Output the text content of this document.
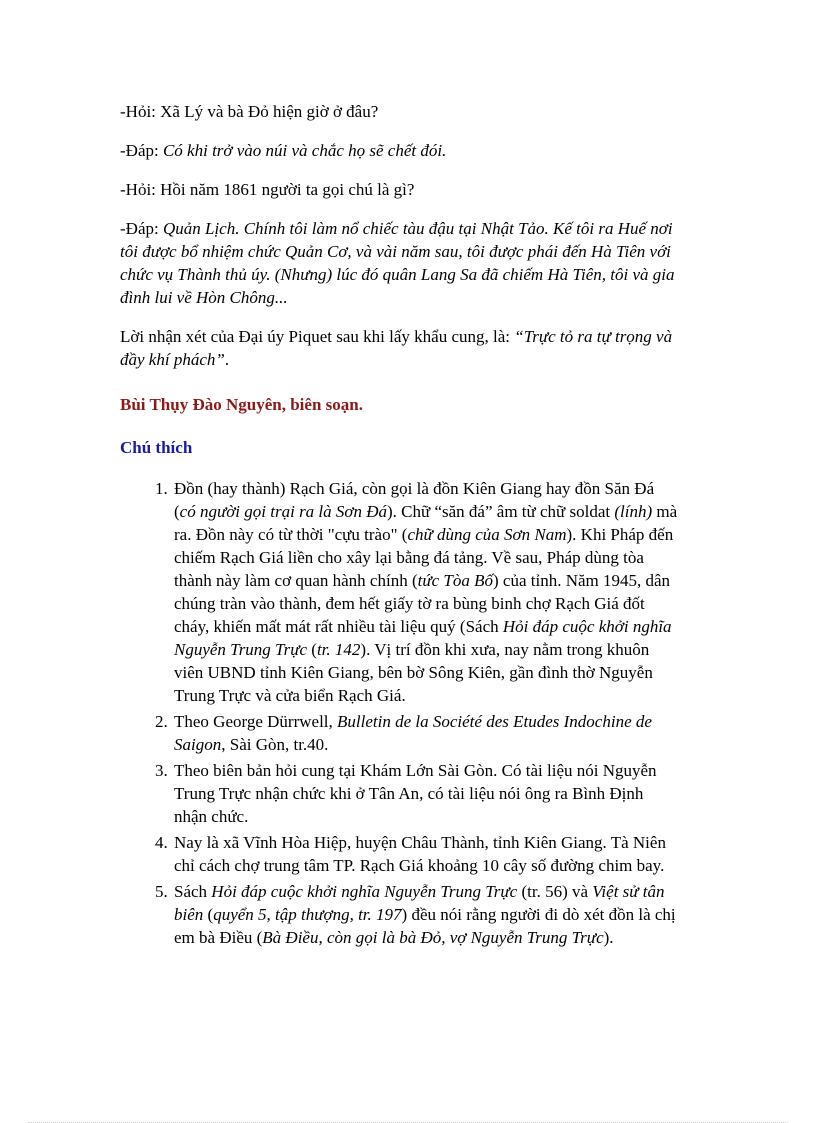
-Hỏi: Xã Lý và bà Đỏ hiện giờ ở đâu?

-Đáp: Có khi trở vào núi và chắc họ sẽ chết đói.

-Hỏi: Hồi năm 1861 người ta gọi chú là gì?

-Đáp: Quản Lịch. Chính tôi làm nổ chiếc tàu đậu tại Nhật Tảo. Kế tôi ra Huế nơi tôi được bổ nhiệm chức Quản Cơ, và vài năm sau, tôi được phái đến Hà Tiên với chức vụ Thành thủ úy. (Nhưng) lúc đó quân Lang Sa đã chiếm Hà Tiên, tôi và gia đình lui về Hòn Chông...

Lời nhận xét của Đại úy Piquet sau khi lấy khẩu cung, là: “Trực tỏ ra tự trọng và đầy khí phách”.

Bùi Thụy Đào Nguyên, biên soạn.

Chú thích

1. Đồn (hay thành) Rạch Giá, còn gọi là đồn Kiên Giang hay đồn Săn Đá (có người gọi trại ra là Sơn Đá). Chữ “săn đá” âm từ chữ soldat (lính) mà ra. Đồn này có từ thời "cựu trào" (chữ dùng của Sơn Nam). Khi Pháp đến chiếm Rạch Giá liền cho xây lại bằng đá tảng. Về sau, Pháp dùng tòa thành này làm cơ quan hành chính (tức Tòa Bố) của tỉnh. Năm 1945, dân chúng tràn vào thành, đem hết giấy tờ ra bùng binh chợ Rạch Giá đốt cháy, khiến mất mát rất nhiều tài liệu quý (Sách Hỏi đáp cuộc khởi nghĩa Nguyễn Trung Trực (tr. 142). Vị trí đồn khi xưa, nay nằm trong khuôn viên UBND tỉnh Kiên Giang, bên bờ Sông Kiên, gần đình thờ Nguyễn Trung Trực và cửa biển Rạch Giá.
2. Theo George Dürrwell, Bulletin de la Société des Etudes Indochine de Saigon, Sài Gòn, tr.40.
3. Theo biên bản hỏi cung tại Khám Lớn Sài Gòn. Có tài liệu nói Nguyễn Trung Trực nhận chức khi ở Tân An, có tài liệu nói ông ra Bình Định nhận chức.
4. Nay là xã Vĩnh Hòa Hiệp, huyện Châu Thành, tỉnh Kiên Giang. Tà Niên chỉ cách chợ trung tâm TP. Rạch Giá khoảng 10 cây số đường chim bay.
5. Sách Hỏi đáp cuộc khởi nghĩa Nguyễn Trung Trực (tr. 56) và Việt sử tân biên (quyển 5, tập thượng, tr. 197) đều nói rằng người đi dò xét đồn là chị em bà Điều (Bà Điều, còn gọi là bà Đỏ, vợ Nguyễn Trung Trực).
